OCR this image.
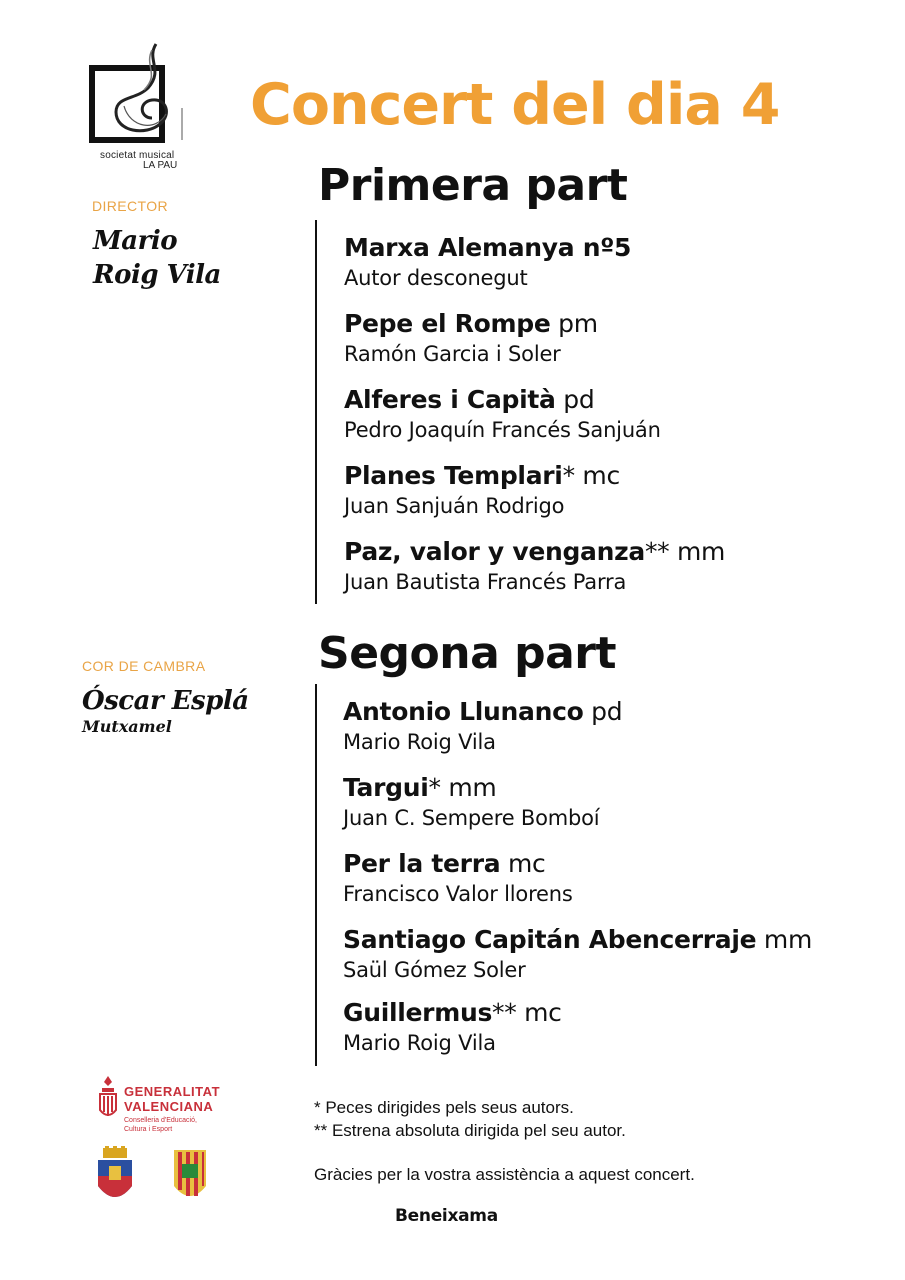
societat musical
LA PAU
Concert del dia 4
DIRECTOR
Mario
Roig Vila
COR DE CAMBRA
Óscar Esplá
Mutxamel
Primera part
Marxa Alemanya nº5
Autor desconegut
Pepe el Rompe pm
Ramón Garcia i Soler
Alferes i Capità pd
Pedro Joaquín Francés Sanjuán
Planes Templari* mc
Juan Sanjuán Rodrigo
Paz, valor y venganza** mm
Juan Bautista Francés Parra
Segona part
Antonio Llunanco pd
Mario Roig Vila
Targui* mm
Juan C. Sempere Bomboí
Per la terra mc
Francisco Valor llorens
Santiago Capitán Abencerraje mm
Saül Gómez Soler
Guillermus** mc
Mario Roig Vila
* Peces dirigides pels seus autors.
** Estrena absoluta dirigida pel seu autor.
Gràcies per la vostra assistència a aquest concert.
GENERALITAT
VALENCIANA
Conselleria d'Educació,
Cultura i Esport
Beneixama
